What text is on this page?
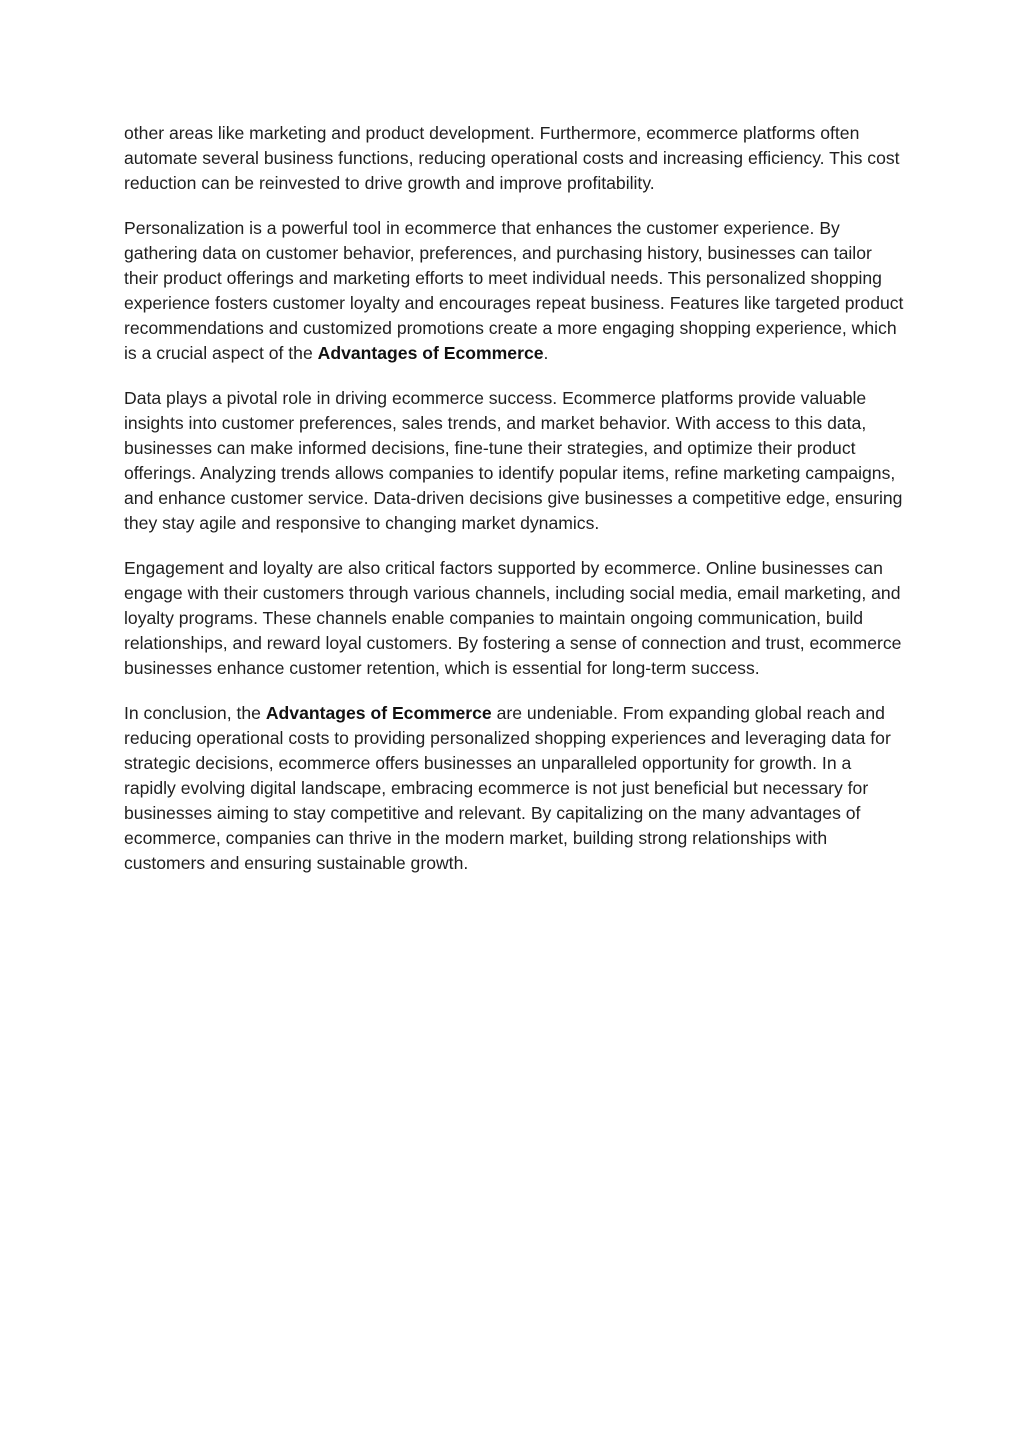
other areas like marketing and product development. Furthermore, ecommerce platforms often automate several business functions, reducing operational costs and increasing efficiency. This cost reduction can be reinvested to drive growth and improve profitability.

Personalization is a powerful tool in ecommerce that enhances the customer experience. By gathering data on customer behavior, preferences, and purchasing history, businesses can tailor their product offerings and marketing efforts to meet individual needs. This personalized shopping experience fosters customer loyalty and encourages repeat business. Features like targeted product recommendations and customized promotions create a more engaging shopping experience, which is a crucial aspect of the Advantages of Ecommerce.

Data plays a pivotal role in driving ecommerce success. Ecommerce platforms provide valuable insights into customer preferences, sales trends, and market behavior. With access to this data, businesses can make informed decisions, fine-tune their strategies, and optimize their product offerings. Analyzing trends allows companies to identify popular items, refine marketing campaigns, and enhance customer service. Data-driven decisions give businesses a competitive edge, ensuring they stay agile and responsive to changing market dynamics.

Engagement and loyalty are also critical factors supported by ecommerce. Online businesses can engage with their customers through various channels, including social media, email marketing, and loyalty programs. These channels enable companies to maintain ongoing communication, build relationships, and reward loyal customers. By fostering a sense of connection and trust, ecommerce businesses enhance customer retention, which is essential for long-term success.

In conclusion, the Advantages of Ecommerce are undeniable. From expanding global reach and reducing operational costs to providing personalized shopping experiences and leveraging data for strategic decisions, ecommerce offers businesses an unparalleled opportunity for growth. In a rapidly evolving digital landscape, embracing ecommerce is not just beneficial but necessary for businesses aiming to stay competitive and relevant. By capitalizing on the many advantages of ecommerce, companies can thrive in the modern market, building strong relationships with customers and ensuring sustainable growth.
